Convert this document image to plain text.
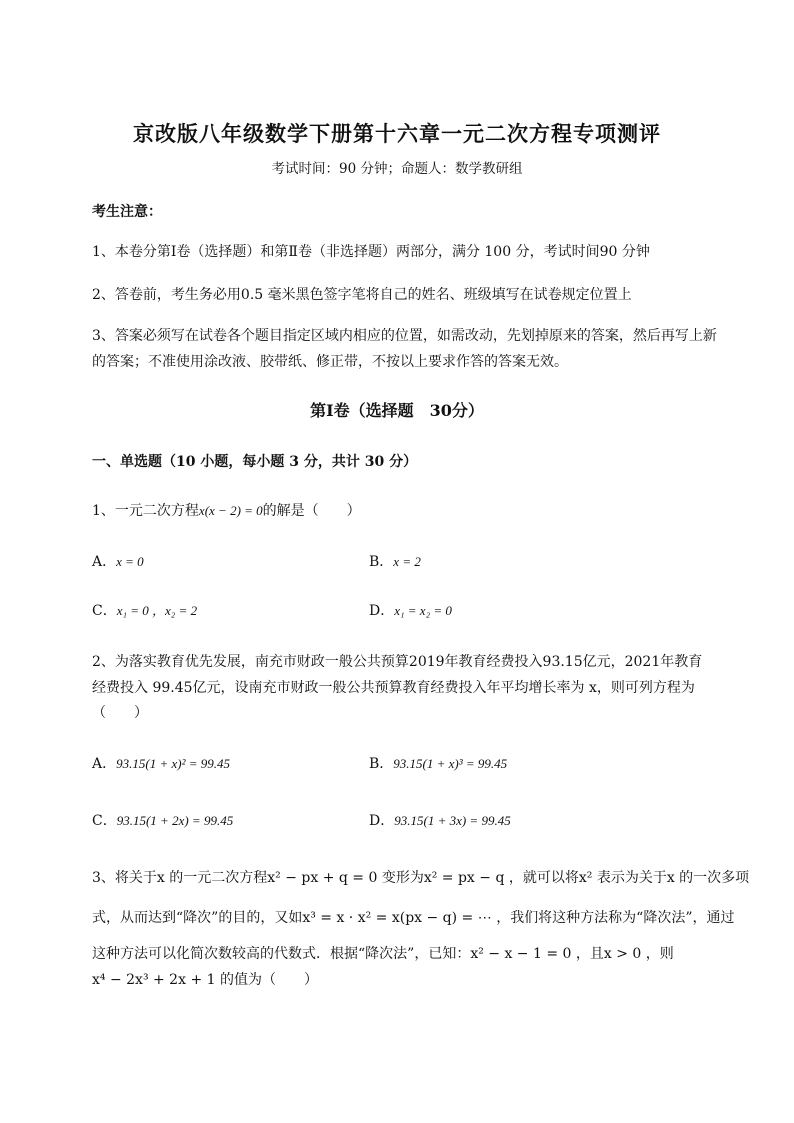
京改版八年级数学下册第十六章一元二次方程专项测评
考试时间：90 分钟；命题人：数学教研组
考生注意：
1、本卷分第Ⅰ卷（选择题）和第Ⅱ卷（非选择题）两部分，满分 100 分，考试时间90 分钟
2、答卷前，考生务必用0.5 毫米黑色签字笔将自己的姓名、班级填写在试卷规定位置上
3、答案必须写在试卷各个题目指定区域内相应的位置，如需改动，先划掉原来的答案，然后再写上新
的答案；不准使用涂改液、胶带纸、修正带，不按以上要求作答的答案无效。
第Ⅰ卷（选择题　30分）
一、单选题（10 小题，每小题 3 分，共计 30 分）
1、一元二次方程x(x − 2) = 0的解是（　　）
A．x = 0	B．x = 2
C．x₁ = 0 ，x₂ = 2	D．x₁ = x₂ = 0
2、为落实教育优先发展，南充市财政一般公共预算2019年教育经费投入93.15亿元，2021年教育
经费投入 99.45亿元，设南充市财政一般公共预算教育经费投入年平均增长率为 x，则可列方程为
（　　）
A．93.15(1 + x)² = 99.45	B．93.15(1 + x)³ = 99.45
C．93.15(1 + 2x) = 99.45	D．93.15(1 + 3x) = 99.45
3、将关于x 的一元二次方程x² − px + q = 0 变形为x² = px − q ，就可以将x² 表示为关于x 的一次多项
式，从而达到“降次”的目的，又如x³ = x · x² = x(px − q) = ⋯ ，我们将这种方法称为“降次法”，通过
这种方法可以化简次数较高的代数式．根据“降次法”，已知：x² − x − 1 = 0 ，且x > 0 ，则
x⁴ − 2x³ + 2x + 1 的值为（　　）
